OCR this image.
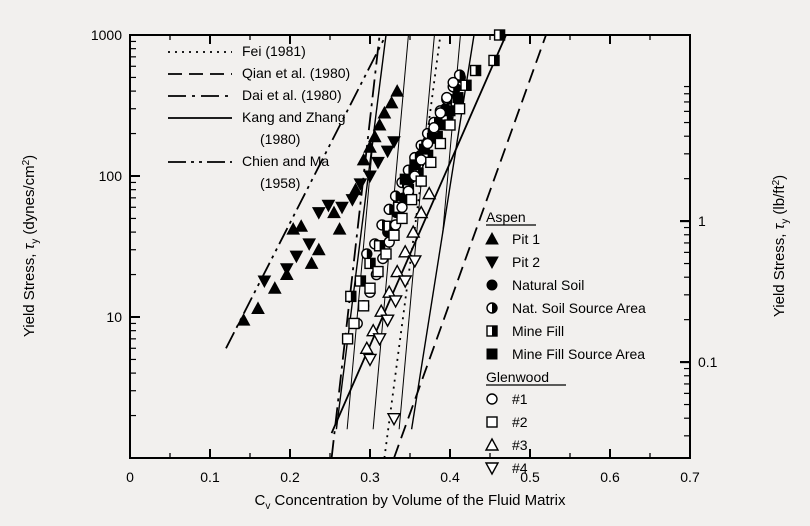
0	0.1	0.2	0.3	0.4	0.5	0.6	0.7
1000
100
10
1
0.1
$C_v$ Concentration by Volume of the Fluid Matrix
Yield Stress, $\tau_y$ $(dynes/cm^2)$
Yield Stress, $\tau_y$ $(lb/ft^2)$
Fei (1981)
Qian et al. (1980)
Dai et al. (1980)
Kang and Zhang
(1980)
Chien and Ma
(1958)
Aspen
Pit 1
Pit 2
Natural Soil
Nat. Soil Source Area
Mine Fill
Mine Fill Source Area
Glenwood
#1
#2
#3
#4
